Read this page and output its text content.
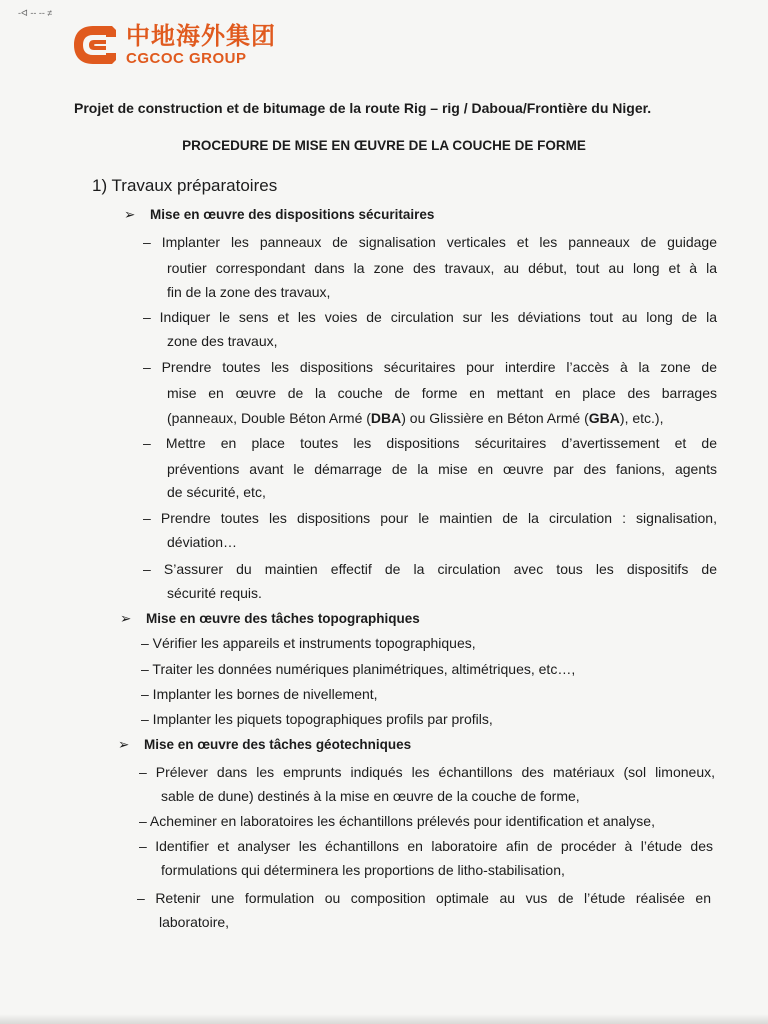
-ᐊ -- -- ≠
中地海外集团
CGCOC GROUP
Projet de construction et de bitumage de la route Rig – rig / Daboua/Frontière du Niger.
PROCEDURE DE MISE EN ŒUVRE DE LA COUCHE DE FORME
1) Travaux préparatoires
➢ Mise en œuvre des dispositions sécuritaires
– Implanter les panneaux de signalisation verticales et les panneaux de guidage
routier correspondant dans la zone des travaux, au début, tout au long et à la
fin de la zone des travaux,
– Indiquer le sens et les voies de circulation sur les déviations tout au long de la
zone des travaux,
– Prendre toutes les dispositions sécuritaires pour interdire l’accès à la zone de
mise en œuvre de la couche de forme en mettant en place des barrages
(panneaux, Double Béton Armé (DBA) ou Glissière en Béton Armé (GBA), etc.),
– Mettre en place toutes les dispositions sécuritaires d’avertissement et de
préventions avant le démarrage de la mise en œuvre par des fanions, agents
de sécurité, etc,
– Prendre toutes les dispositions pour le maintien de la circulation : signalisation,
déviation…
– S’assurer du maintien effectif de la circulation avec tous les dispositifs de
sécurité requis.
➢ Mise en œuvre des tâches topographiques
– Vérifier les appareils et instruments topographiques,
– Traiter les données numériques planimétriques, altimétriques, etc…,
– Implanter les bornes de nivellement,
– Implanter les piquets topographiques profils par profils,
➢ Mise en œuvre des tâches géotechniques
– Prélever dans les emprunts indiqués les échantillons des matériaux (sol limoneux,
sable de dune) destinés à la mise en œuvre de la couche de forme,
– Acheminer en laboratoires les échantillons prélevés pour identification et analyse,
– Identifier et analyser les échantillons en laboratoire afin de procéder à l’étude des
formulations qui déterminera les proportions de litho-stabilisation,
– Retenir une formulation ou composition optimale au vus de l’étude réalisée en
laboratoire,
